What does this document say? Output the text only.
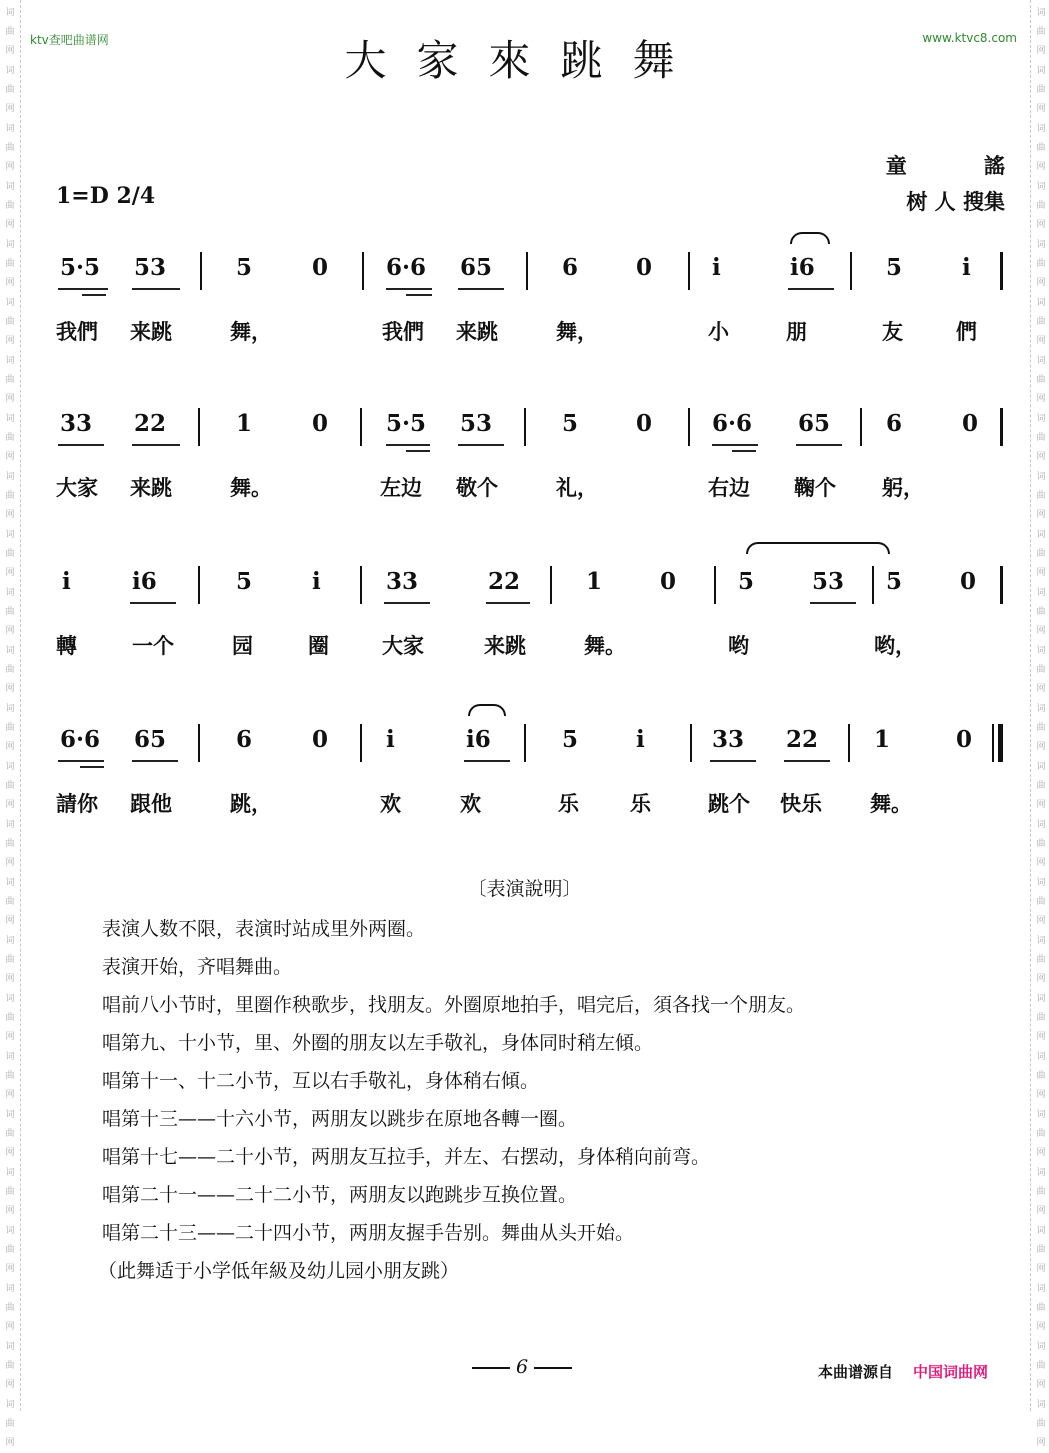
词
曲
网
词
曲
网
词
曲
网
词
曲
网
词
曲
网
词
曲
网
词
曲
网
词
曲
网
词
曲
网
词
曲
网
词
曲
网
词
曲
网
词
曲
网
词
曲
网
词
曲
网
词
曲
网
词
曲
网
词
曲
网
词
曲
网
词
曲
网
词
曲
网
词
曲
网
词
曲
网
词
曲
网
词
曲
网
词
曲
网
词
曲
网
词
曲
网
词
曲
网
词
曲
网
词
曲
网
词
曲
网
词
曲
网
词
曲
网
词
曲
网
词
曲
网
词
曲
网
词
曲
网
词
曲
网
词
曲
网
词
曲
网
词
曲
网
词
曲
网
词
曲
网
词
曲
网
词
曲
网
词
曲
网
词
曲
网
词
曲
网
词
曲
网
ktv查吧曲谱网	www.ktvc8.com
大家來跳舞
1=D 2/4
童 謠
树 人 搜集
5·5 53	5	0	6·6 65	6	0	i	i6	5	i
我們 来跳	舞，	我們 来跳	舞，	小	朋	友	們
33 22	1	0	5·5 53	5	0	6·6 65 6	0
大家 来跳	舞。	左边 敬个	礼，	右边 鞠个 躬，
i	i6	5	i	33	22	1	0	5	53 5	0
轉	一个	园	圈	大家	来跳	舞。	哟	哟，
6·6 65	6	0	i	i6	5	i	33 22 1	0
請你 跟他	跳，	欢	欢	乐 乐	跳个 快乐 舞。
〔表演說明〕

表演人数不限，表演时站成里外两圈。

表演开始，齐唱舞曲。

唱前八小节时，里圈作秧歌步，找朋友。外圈原地拍手，唱完后，須各找一个朋友。

唱第九、十小节，里、外圈的朋友以左手敬礼，身体同时稍左傾。

唱第十一、十二小节，互以右手敬礼，身体稍右傾。

唱第十三——十六小节，两朋友以跳步在原地各轉一圈。

唱第十七——二十小节，两朋友互拉手，并左、右摆动，身体稍向前弯。

唱第二十一——二十二小节，两朋友以跑跳步互换位置。

唱第二十三——二十四小节，两朋友握手告别。舞曲从头开始。

（此舞适于小学低年級及幼儿园小朋友跳）

6	本曲谱源自 中国词曲网
